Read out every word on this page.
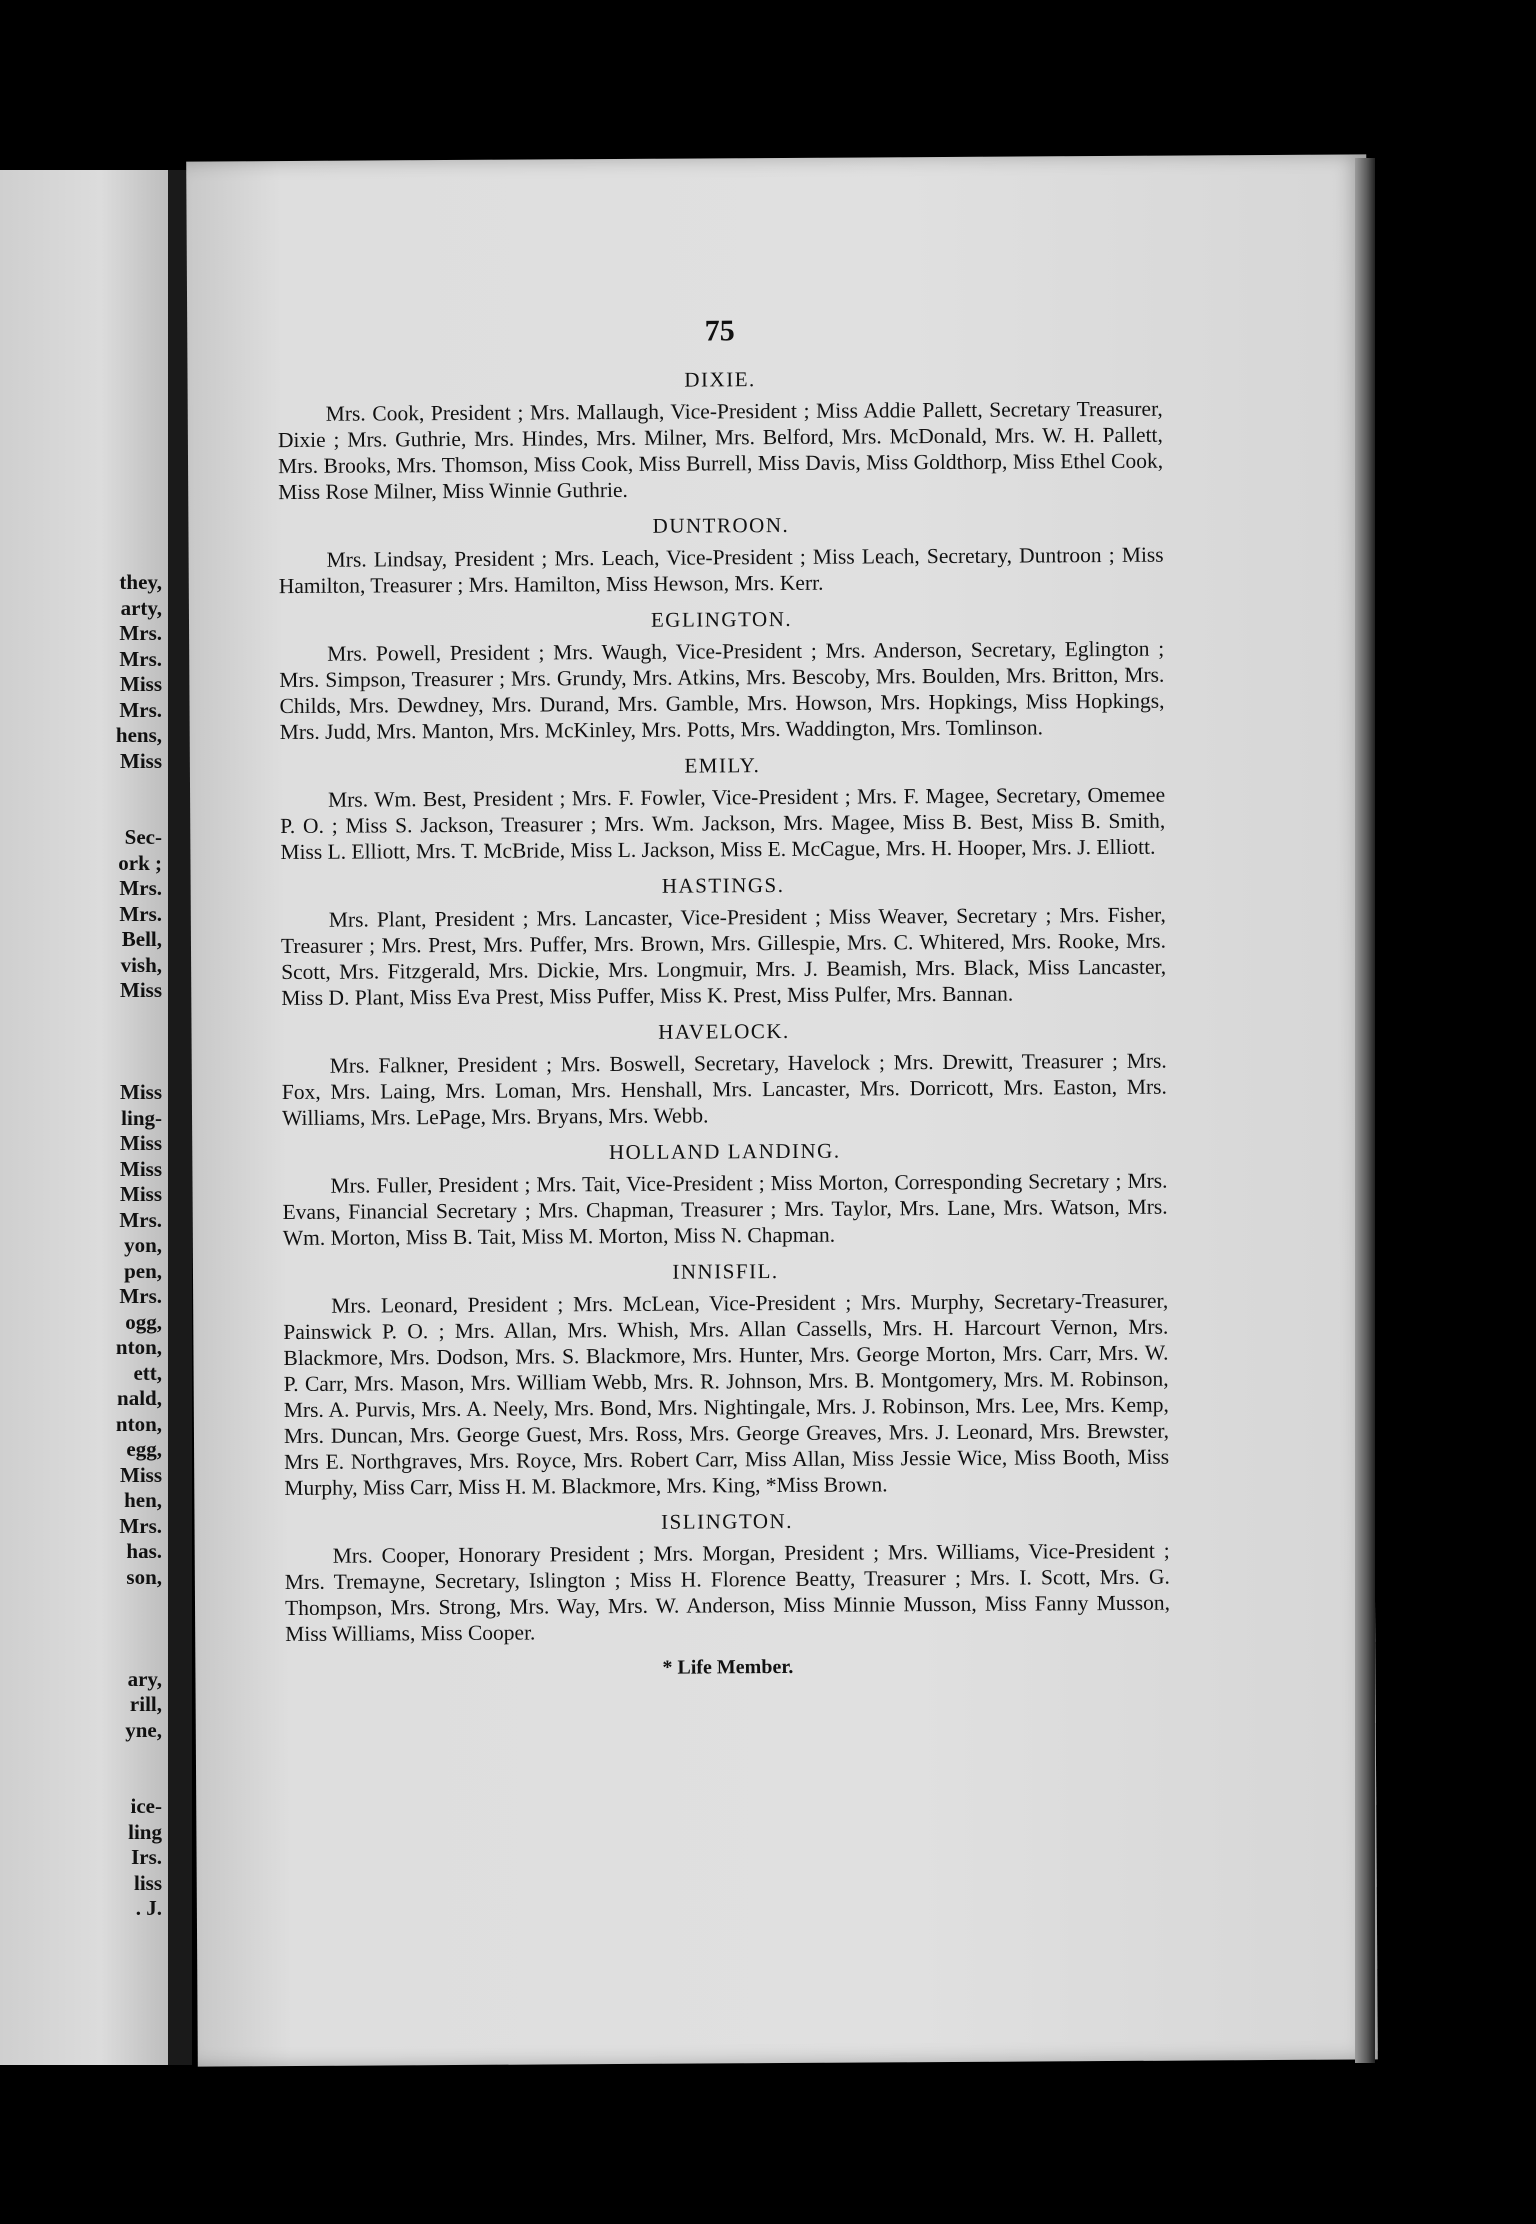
they,
arty,
Mrs.
Mrs.
Miss
Mrs.
hens,
Miss
Sec-
ork ;
Mrs.
Mrs.
Bell,
vish,
Miss
Miss
ling-
Miss
Miss
Miss
Mrs.
yon,
pen,
Mrs.
ogg,
nton,
ett,
nald,
nton,
egg,
Miss
hen,
Mrs.
has.
son,
ary,
rill,
yne,
ice-
ling
Irs.
liss
. J.
75
DIXIE.

Mrs. Cook, President ; Mrs. Mallaugh, Vice-President ; Miss Addie Pallett, Secretary Treasurer, Dixie ; Mrs. Guthrie, Mrs. Hindes, Mrs. Milner, Mrs. Belford, Mrs. McDonald, Mrs. W. H. Pallett, Mrs. Brooks, Mrs. Thomson, Miss Cook, Miss Burrell, Miss Davis, Miss Goldthorp, Miss Ethel Cook, Miss Rose Milner, Miss Winnie Guthrie.

DUNTROON.

Mrs. Lindsay, President ; Mrs. Leach, Vice-President ; Miss Leach, Secretary, Duntroon ; Miss Hamilton, Treasurer ; Mrs. Hamilton, Miss Hewson, Mrs. Kerr.

EGLINGTON.

Mrs. Powell, President ; Mrs. Waugh, Vice-President ; Mrs. Anderson, Secretary, Eglington ; Mrs. Simpson, Treasurer ; Mrs. Grundy, Mrs. Atkins, Mrs. Bescoby, Mrs. Boulden, Mrs. Britton, Mrs. Childs, Mrs. Dewdney, Mrs. Durand, Mrs. Gamble, Mrs. Howson, Mrs. Hopkings, Miss Hopkings, Mrs. Judd, Mrs. Manton, Mrs. McKinley, Mrs. Potts, Mrs. Waddington, Mrs. Tomlinson.

EMILY.

Mrs. Wm. Best, President ; Mrs. F. Fowler, Vice-President ; Mrs. F. Magee, Secretary, Omemee P. O. ; Miss S. Jackson, Treasurer ; Mrs. Wm. Jackson, Mrs. Magee, Miss B. Best, Miss B. Smith, Miss L. Elliott, Mrs. T. McBride, Miss L. Jackson, Miss E. McCague, Mrs. H. Hooper, Mrs. J. Elliott.

HASTINGS.

Mrs. Plant, President ; Mrs. Lancaster, Vice-President ; Miss Weaver, Secretary ; Mrs. Fisher, Treasurer ; Mrs. Prest, Mrs. Puffer, Mrs. Brown, Mrs. Gillespie, Mrs. C. Whitered, Mrs. Rooke, Mrs. Scott, Mrs. Fitzgerald, Mrs. Dickie, Mrs. Longmuir, Mrs. J. Beamish, Mrs. Black, Miss Lancaster, Miss D. Plant, Miss Eva Prest, Miss Puffer, Miss K. Prest, Miss Pulfer, Mrs. Bannan.

HAVELOCK.

Mrs. Falkner, President ; Mrs. Boswell, Secretary, Havelock ; Mrs. Drewitt, Treasurer ; Mrs. Fox, Mrs. Laing, Mrs. Loman, Mrs. Henshall, Mrs. Lancaster, Mrs. Dorricott, Mrs. Easton, Mrs. Williams, Mrs. LePage, Mrs. Bryans, Mrs. Webb.

HOLLAND LANDING.

Mrs. Fuller, President ; Mrs. Tait, Vice-President ; Miss Morton, Corresponding Secretary ; Mrs. Evans, Financial Secretary ; Mrs. Chapman, Treasurer ; Mrs. Taylor, Mrs. Lane, Mrs. Watson, Mrs. Wm. Morton, Miss B. Tait, Miss M. Morton, Miss N. Chapman.

INNISFIL.

Mrs. Leonard, President ; Mrs. McLean, Vice-President ; Mrs. Murphy, Secretary-Treasurer, Painswick P. O. ; Mrs. Allan, Mrs. Whish, Mrs. Allan Cassells, Mrs. H. Harcourt Vernon, Mrs. Blackmore, Mrs. Dodson, Mrs. S. Blackmore, Mrs. Hunter, Mrs. George Morton, Mrs. Carr, Mrs. W. P. Carr, Mrs. Mason, Mrs. William Webb, Mrs. R. Johnson, Mrs. B. Montgomery, Mrs. M. Robinson, Mrs. A. Purvis, Mrs. A. Neely, Mrs. Bond, Mrs. Nightingale, Mrs. J. Robinson, Mrs. Lee, Mrs. Kemp, Mrs. Duncan, Mrs. George Guest, Mrs. Ross, Mrs. George Greaves, Mrs. J. Leonard, Mrs. Brewster, Mrs E. Northgraves, Mrs. Royce, Mrs. Robert Carr, Miss Allan, Miss Jessie Wice, Miss Booth, Miss Murphy, Miss Carr, Miss H. M. Blackmore, Mrs. King, *Miss Brown.

ISLINGTON.

Mrs. Cooper, Honorary President ; Mrs. Morgan, President ; Mrs. Williams, Vice-President ; Mrs. Tremayne, Secretary, Islington ; Miss H. Florence Beatty, Treasurer ; Mrs. I. Scott, Mrs. G. Thompson, Mrs. Strong, Mrs. Way, Mrs. W. Anderson, Miss Minnie Musson, Miss Fanny Musson, Miss Williams, Miss Cooper.

* Life Member.
